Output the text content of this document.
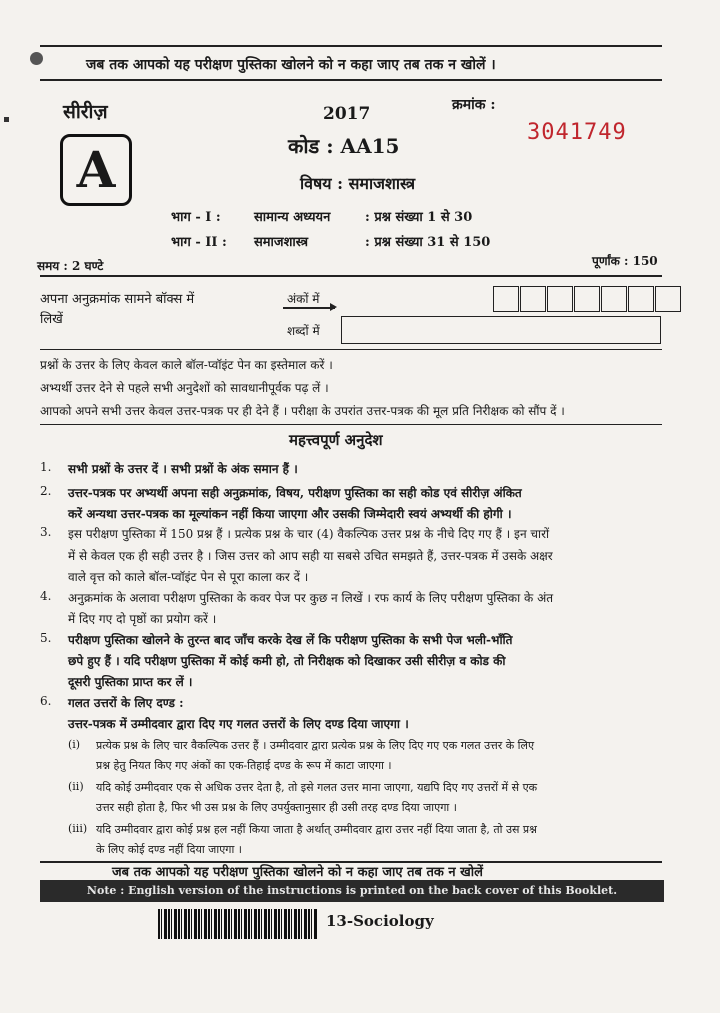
जब तक आपको यह परीक्षण पुस्तिका खोलने को न कहा जाए तब तक न खोलें ।
सीरीज़
A
2017	क्रमांक :
3041749
कोड : AA15
विषय : समाजशास्त्र
भाग - I :	सामान्य अध्ययन	: प्रश्न संख्या 1 से 30
भाग - II : समाजशास्त्र	: प्रश्न संख्या 31 से 150
समय : 2 घण्टे	पूर्णांक : 150
अपना अनुक्रमांक सामने बॉक्स में
लिखें
अंकों में
शब्दों में
प्रश्नों के उत्तर के लिए केवल काले बॉल-प्वॉइंट पेन का इस्तेमाल करें ।
अभ्यर्थी उत्तर देने से पहले सभी अनुदेशों को सावधानीपूर्वक पढ़ लें ।
आपको अपने सभी उत्तर केवल उत्तर-पत्रक पर ही देने हैं । परीक्षा के उपरांत उत्तर-पत्रक की मूल प्रति निरीक्षक को सौंप दें ।
महत्त्वपूर्ण अनुदेश
1. सभी प्रश्नों के उत्तर दें । सभी प्रश्नों के अंक समान हैं ।
2. उत्तर-पत्रक पर अभ्यर्थी अपना सही अनुक्रमांक, विषय, परीक्षण पुस्तिका का सही कोड एवं सीरीज़ अंकित
करें अन्यथा उत्तर-पत्रक का मूल्यांकन नहीं किया जाएगा और उसकी जिम्मेदारी स्वयं अभ्यर्थी की होगी ।
3. इस परीक्षण पुस्तिका में 150 प्रश्न हैं । प्रत्येक प्रश्न के चार (4) वैकल्पिक उत्तर प्रश्न के नीचे दिए गए हैं । इन चारों
में से केवल एक ही सही उत्तर है । जिस उत्तर को आप सही या सबसे उचित समझते हैं, उत्तर-पत्रक में उसके अक्षर
वाले वृत्त को काले बॉल-प्वॉइंट पेन से पूरा काला कर दें ।
4. अनुक्रमांक के अलावा परीक्षण पुस्तिका के कवर पेज पर कुछ न लिखें । रफ कार्य के लिए परीक्षण पुस्तिका के अंत
में दिए गए दो पृष्ठों का प्रयोग करें ।
5. परीक्षण पुस्तिका खोलने के तुरन्त बाद जाँच करके देख लें कि परीक्षण पुस्तिका के सभी पेज भली-भाँति
छपे हुए हैं । यदि परीक्षण पुस्तिका में कोई कमी हो, तो निरीक्षक को दिखाकर उसी सीरीज़ व कोड की
दूसरी पुस्तिका प्राप्त कर लें ।
6. गलत उत्तरों के लिए दण्ड :
उत्तर-पत्रक में उम्मीदवार द्वारा दिए गए गलत उत्तरों के लिए दण्ड दिया जाएगा ।
(i) प्रत्येक प्रश्न के लिए चार वैकल्पिक उत्तर हैं । उम्मीदवार द्वारा प्रत्येक प्रश्न के लिए दिए गए एक गलत उत्तर के लिए
प्रश्न हेतु नियत किए गए अंकों का एक-तिहाई दण्ड के रूप में काटा जाएगा ।
(ii) यदि कोई उम्मीदवार एक से अधिक उत्तर देता है, तो इसे गलत उत्तर माना जाएगा, यद्यपि दिए गए उत्तरों में से एक
उत्तर सही होता है, फिर भी उस प्रश्न के लिए उपर्युक्तानुसार ही उसी तरह दण्ड दिया जाएगा ।
(iii) यदि उम्मीदवार द्वारा कोई प्रश्न हल नहीं किया जाता है अर्थात् उम्मीदवार द्वारा उत्तर नहीं दिया जाता है, तो उस प्रश्न
के लिए कोई दण्ड नहीं दिया जाएगा ।
जब तक आपको यह परीक्षण पुस्तिका खोलने को न कहा जाए तब तक न खोलें
Note : English version of the instructions is printed on the back cover of this Booklet.
13-Sociology
